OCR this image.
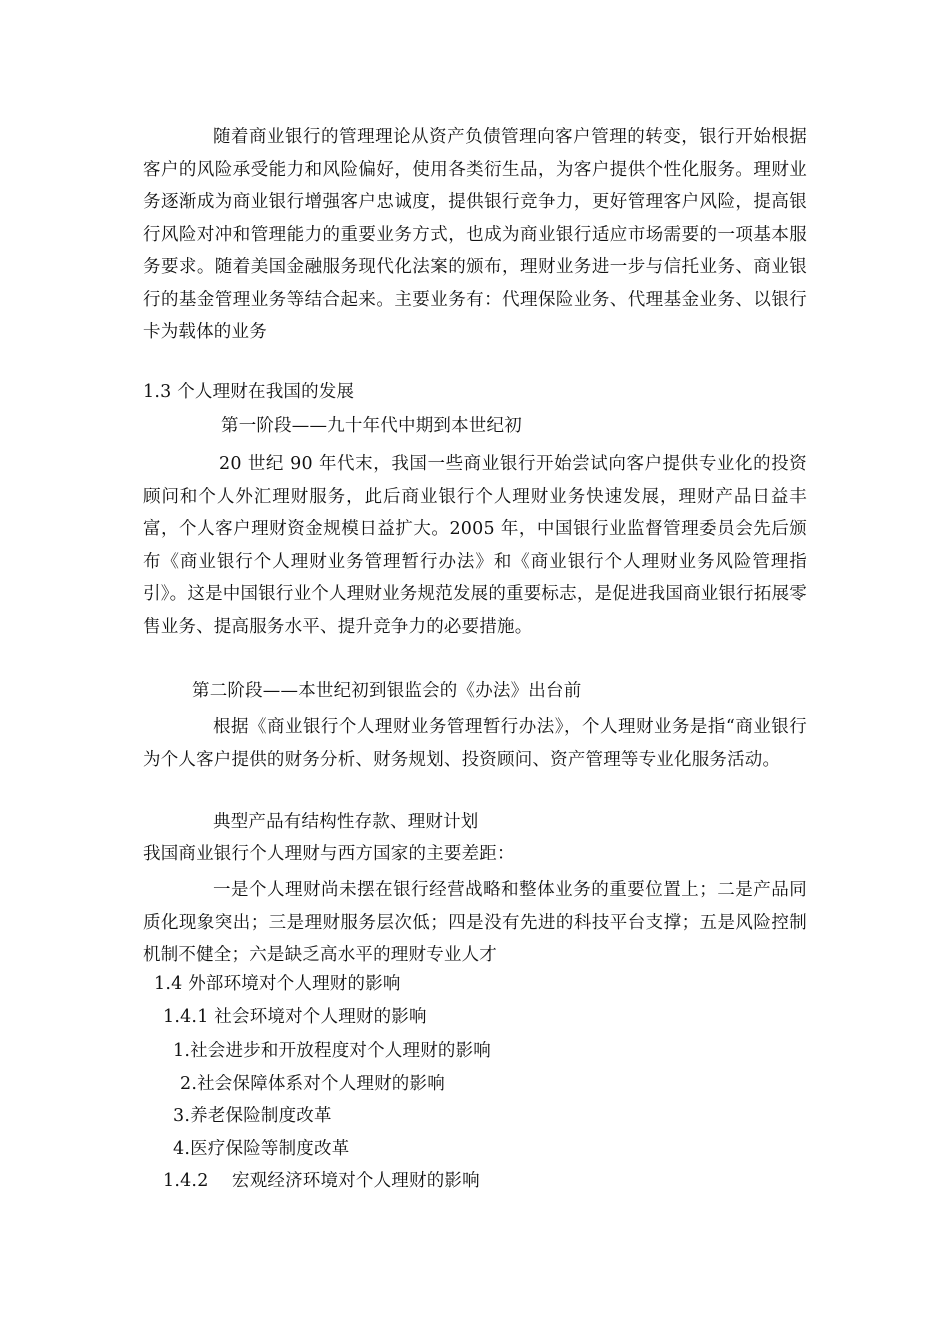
随着商业银行的管理理论从资产负债管理向客户管理的转变，银行开始根据客户的风险承受能力和风险偏好，使用各类衍生品，为客户提供个性化服务。理财业务逐渐成为商业银行增强客户忠诚度，提供银行竞争力，更好管理客户风险，提高银行风险对冲和管理能力的重要业务方式，也成为商业银行适应市场需要的一项基本服务要求。随着美国金融服务现代化法案的颁布，理财业务进一步与信托业务、商业银行的基金管理业务等结合起来。主要业务有：代理保险业务、代理基金业务、以银行卡为载体的业务

1.3 个人理财在我国的发展
第一阶段——九十年代中期到本世纪初

20 世纪 90 年代末，我国一些商业银行开始尝试向客户提供专业化的投资顾问和个人外汇理财服务，此后商业银行个人理财业务快速发展，理财产品日益丰富，个人客户理财资金规模日益扩大。2005 年，中国银行业监督管理委员会先后颁布《商业银行个人理财业务管理暂行办法》和《商业银行个人理财业务风险管理指引》。这是中国银行业个人理财业务规范发展的重要标志，是促进我国商业银行拓展零售业务、提高服务水平、提升竞争力的必要措施。

第二阶段——本世纪初到银监会的《办法》出台前

根据《商业银行个人理财业务管理暂行办法》，个人理财业务是指“商业银行为个人客户提供的财务分析、财务规划、投资顾问、资产管理等专业化服务活动。

典型产品有结构性存款、理财计划
我国商业银行个人理财与西方国家的主要差距：

一是个人理财尚未摆在银行经营战略和整体业务的重要位置上；二是产品同质化现象突出；三是理财服务层次低；四是没有先进的科技平台支撑；五是风险控制机制不健全；六是缺乏高水平的理财专业人才

1.4 外部环境对个人理财的影响
1.4.1 社会环境对个人理财的影响
1.社会进步和开放程度对个人理财的影响
2.社会保障体系对个人理财的影响
3.养老保险制度改革
4.医疗保险等制度改革
1.4.2　 宏观经济环境对个人理财的影响
